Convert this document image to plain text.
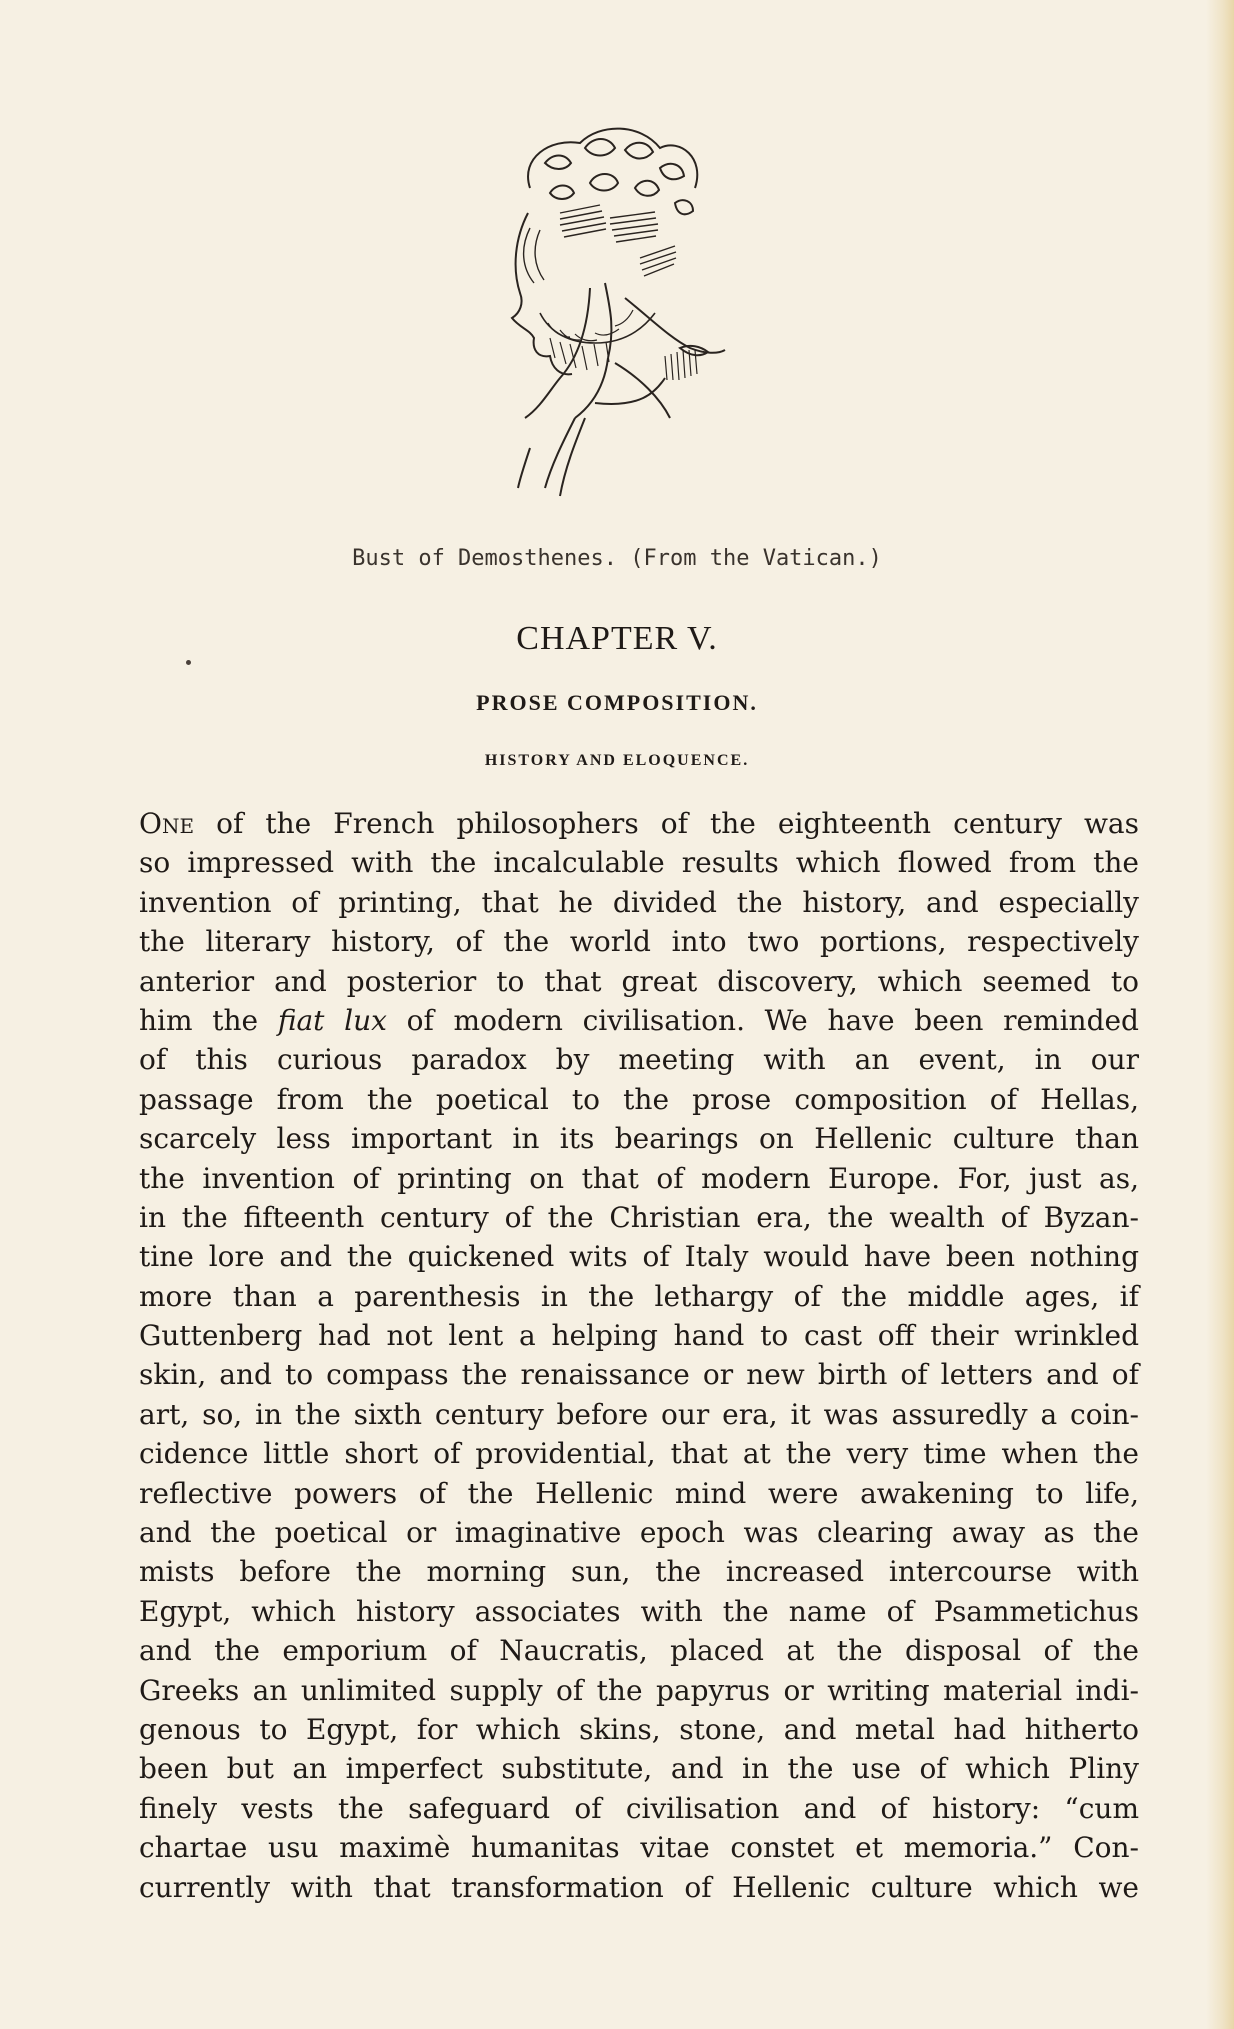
Bust of Demosthenes. (From the Vatican.)
CHAPTER V.
PROSE COMPOSITION.
HISTORY AND ELOQUENCE.
One of the French philosophers of the eighteenth century was
so impressed with the incalculable results which flowed from the
invention of printing, that he divided the history, and especially
the literary history, of the world into two portions, respectively
anterior and posterior to that great discovery, which seemed to
him the fiat lux of modern civilisation. We have been reminded
of this curious paradox by meeting with an event, in our
passage from the poetical to the prose composition of Hellas,
scarcely less important in its bearings on Hellenic culture than
the invention of printing on that of modern Europe. For, just as,
in the fifteenth century of the Christian era, the wealth of Byzan-
tine lore and the quickened wits of Italy would have been nothing
more than a parenthesis in the lethargy of the middle ages, if
Guttenberg had not lent a helping hand to cast off their wrinkled
skin, and to compass the renaissance or new birth of letters and of
art, so, in the sixth century before our era, it was assuredly a coin-
cidence little short of providential, that at the very time when the
reflective powers of the Hellenic mind were awakening to life,
and the poetical or imaginative epoch was clearing away as the
mists before the morning sun, the increased intercourse with
Egypt, which history associates with the name of Psammetichus
and the emporium of Naucratis, placed at the disposal of the
Greeks an unlimited supply of the papyrus or writing material indi-
genous to Egypt, for which skins, stone, and metal had hitherto
been but an imperfect substitute, and in the use of which Pliny
finely vests the safeguard of civilisation and of history: “cum
chartae usu maximè humanitas vitae constet et memoria.” Con-
currently with that transformation of Hellenic culture which we
